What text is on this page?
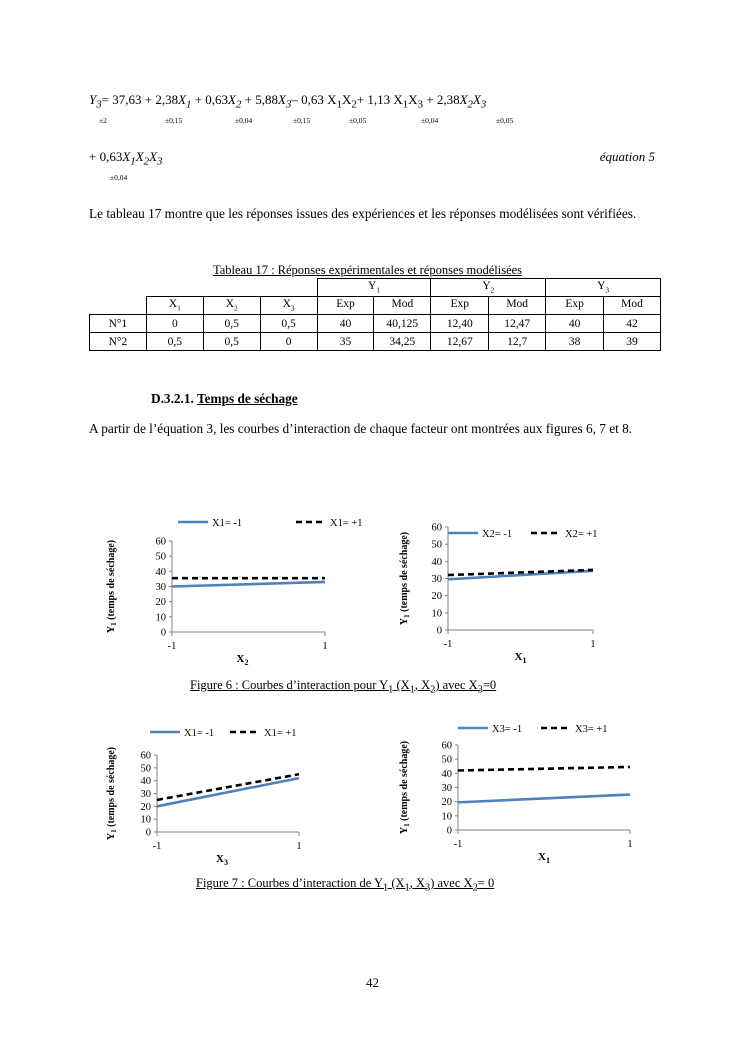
$Y_3= 37,63 + 2,38X_1 + 0,63X_2 + 5,88X_3-$ 0,63 $X_1X_2+ 1,13$ $X_1X_3 + 2,38X_2X_3$
±2	±0,15	±0,04	±0,15	±0,05	±0,04	±0,05
+ $0,63X_1X_2X_3$
±0,04
équation 5

Le tableau 17 montre que les réponses issues des expériences et les réponses modélisées sont vérifiées.

Tableau 17 : Réponses expérimentales et réponses modélisées
				$Y_1$		$Y_2$		$Y_3$
	$X_1$	$X_2$	$X_3$	Exp	Mod	Exp	Mod	Exp	Mod
N°1	0	0,5	0,5	40	40,125	12,40	12,47	40	42
N°2	0,5	0,5	0	35	34,25	12,67	12,7	38	39
D.3.2.1. Temps de séchage

A partir de l’équation 3, les courbes d’interaction de chaque facteur ont montrées aux figures 6, 7 et 8.

0
10
20
30
40
50
60
-1	1
$X_2$
$Y_1$ (temps de séchage)
X1= -1	X1= +1
0
10
20
30
40
50
60
-1	1
$X_1$
$Y_1$ (temps de séchage)	X2= -1	X2= +1
0
10
20
30
40
50
60
-1	1
$X_3$
$Y_1$ (temps de séchage)
X1= -1	X1= +1
0
10
20
30
40
50
60
-1	1
$X_1$
$Y_1$ (temps de séchage)
X3= -1	X3= +1
Figure 6 : Courbes d’interaction pour $Y_1$ ($X_1$, $X_2$) avec $X_3=0$
Figure 7 : Courbes d’interaction de $Y_1$ ($X_1$, $X_3$) avec $X_2= 0$
42
